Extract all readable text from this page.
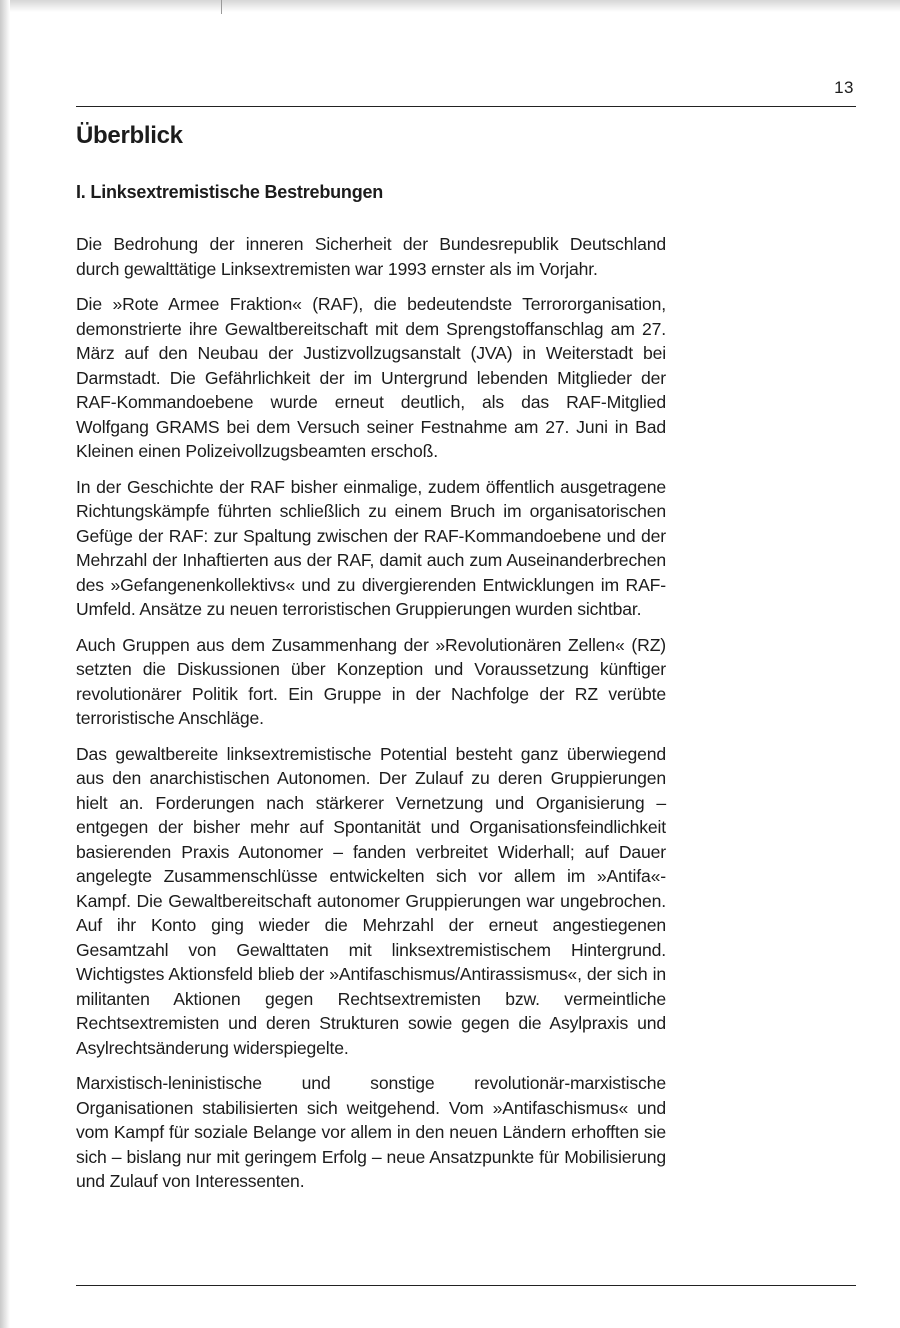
13
Überblick
I. Linksextremistische Bestrebungen

Die Bedrohung der inneren Sicherheit der Bundesrepublik Deutschland durch gewalttätige Linksextremisten war 1993 ernster als im Vorjahr.

Die »Rote Armee Fraktion« (RAF), die bedeutendste Terrororganisation, demonstrierte ihre Gewaltbereitschaft mit dem Sprengstoffanschlag am 27. März auf den Neubau der Justizvollzugsanstalt (JVA) in Weiterstadt bei Darmstadt. Die Gefährlichkeit der im Untergrund lebenden Mitglieder der RAF-Kommandoebene wurde erneut deutlich, als das RAF-Mitglied Wolfgang GRAMS bei dem Versuch seiner Festnahme am 27. Juni in Bad Kleinen einen Polizeivollzugsbeamten erschoß.

In der Geschichte der RAF bisher einmalige, zudem öffentlich ausgetragene Richtungskämpfe führten schließlich zu einem Bruch im organisatorischen Gefüge der RAF: zur Spaltung zwischen der RAF-Kommandoebene und der Mehrzahl der Inhaftierten aus der RAF, damit auch zum Auseinanderbrechen des »Gefangenenkollektivs« und zu divergierenden Entwicklungen im RAF-Umfeld. Ansätze zu neuen terroristischen Gruppierungen wurden sichtbar.

Auch Gruppen aus dem Zusammenhang der »Revolutionären Zellen« (RZ) setzten die Diskussionen über Konzeption und Voraussetzung künftiger revolutionärer Politik fort. Ein Gruppe in der Nachfolge der RZ verübte terroristische Anschläge.

Das gewaltbereite linksextremistische Potential besteht ganz überwiegend aus den anarchistischen Autonomen. Der Zulauf zu deren Gruppierungen hielt an. Forderungen nach stärkerer Vernetzung und Organisierung – entgegen der bisher mehr auf Spontanität und Organisationsfeindlichkeit basierenden Praxis Autonomer – fanden verbreitet Widerhall; auf Dauer angelegte Zusammenschlüsse entwickelten sich vor allem im »Antifa«-Kampf. Die Gewaltbereitschaft autonomer Gruppierungen war ungebrochen. Auf ihr Konto ging wieder die Mehrzahl der erneut angestiegenen Gesamtzahl von Gewalttaten mit linksextremistischem Hintergrund. Wichtigstes Aktionsfeld blieb der »Antifaschismus/Antirassismus«, der sich in militanten Aktionen gegen Rechtsextremisten bzw. vermeintliche Rechtsextremisten und deren Strukturen sowie gegen die Asylpraxis und Asylrechtsänderung widerspiegelte.

Marxistisch-leninistische und sonstige revolutionär-marxistische Organisationen stabilisierten sich weitgehend. Vom »Antifaschismus« und vom Kampf für soziale Belange vor allem in den neuen Ländern erhofften sie sich – bislang nur mit geringem Erfolg – neue Ansatzpunkte für Mobilisierung und Zulauf von Interessenten.
